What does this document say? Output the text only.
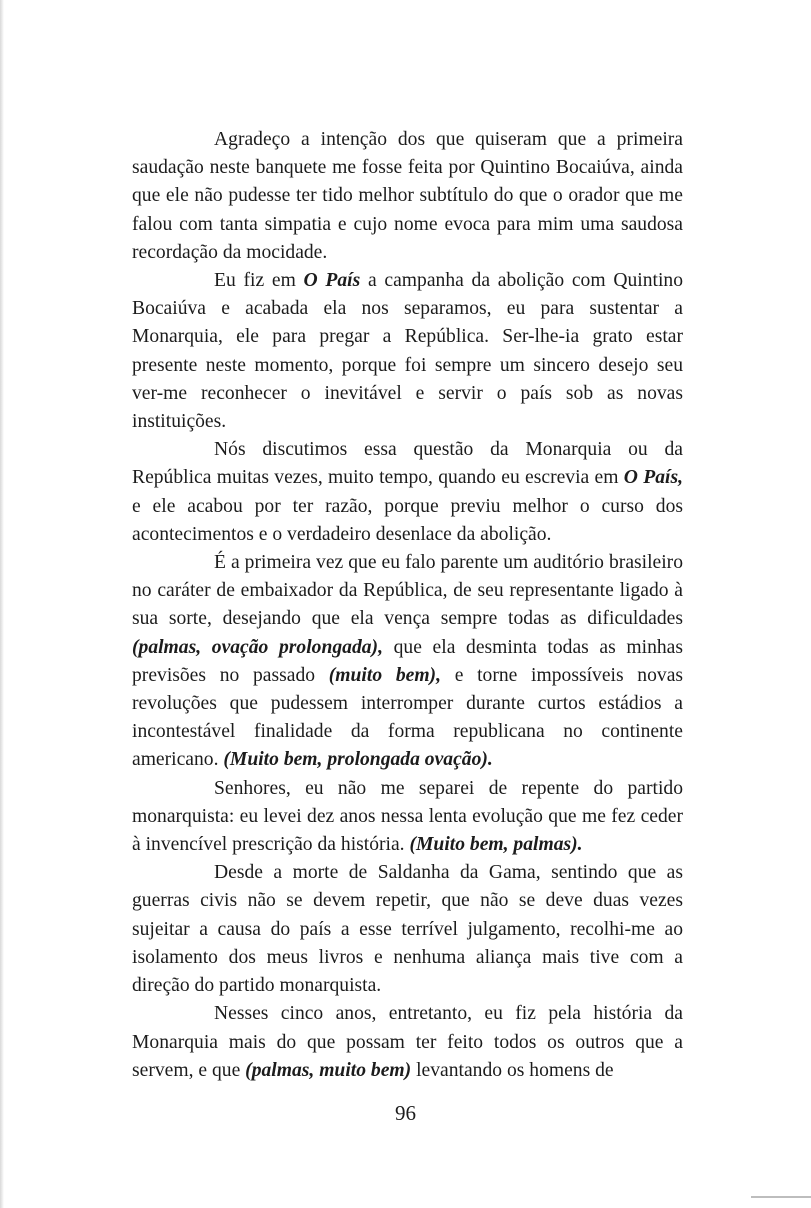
Agradeço a intenção dos que quiseram que a primeira saudação neste banquete me fosse feita por Quintino Bocaiúva, ainda que ele não pudesse ter tido melhor subtítulo do que o orador que me falou com tanta simpatia e cujo nome evoca para mim uma saudosa recordação da mocidade.

Eu fiz em O País a campanha da abolição com Quintino Bocaiúva e acabada ela nos separamos, eu para sustentar a Monarquia, ele para pregar a República. Ser-lhe-ia grato estar presente neste momento, porque foi sempre um sincero desejo seu ver-me reconhecer o inevitável e servir o país sob as novas instituições.

Nós discutimos essa questão da Monarquia ou da República muitas vezes, muito tempo, quando eu escrevia em O País, e ele acabou por ter razão, porque previu melhor o curso dos acontecimentos e o verdadeiro desenlace da abolição.

É a primeira vez que eu falo parente um auditório brasileiro no caráter de embaixador da República, de seu representante ligado à sua sorte, desejando que ela vença sempre todas as dificuldades (palmas, ovação prolongada), que ela desminta todas as minhas previsões no passado (muito bem), e torne impossíveis novas revoluções que pudessem interromper durante curtos estádios a incontestável finalidade da forma republicana no continente americano. (Muito bem, prolongada ovação).

Senhores, eu não me separei de repente do partido monarquista: eu levei dez anos nessa lenta evolução que me fez ceder à invencível prescrição da história. (Muito bem, palmas).

Desde a morte de Saldanha da Gama, sentindo que as guerras civis não se devem repetir, que não se deve duas vezes sujeitar a causa do país a esse terrível julgamento, recolhi-me ao isolamento dos meus livros e nenhuma aliança mais tive com a direção do partido monarquista.

Nesses cinco anos, entretanto, eu fiz pela história da Monarquia mais do que possam ter feito todos os outros que a servem, e que (palmas, muito bem) levantando os homens de

96
